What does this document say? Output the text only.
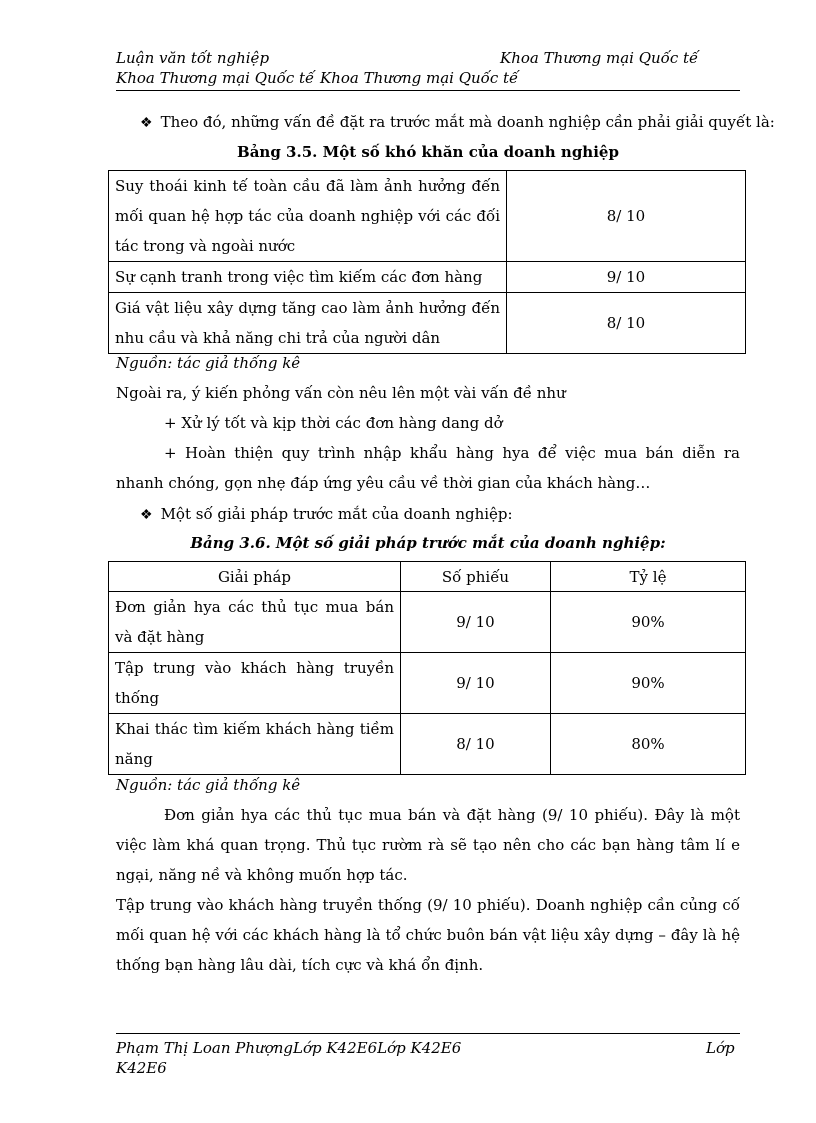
Luận văn tốt nghiệp	Khoa Thương mại Quốc tế
Khoa Thương mại Quốc tế Khoa Thương mại Quốc tế
❖ Theo đó, những vấn đề đặt ra trước mắt mà doanh nghiệp cần phải giải quyết là:
Bảng 3.5. Một số khó khăn của doanh nghiệp
Suy thoái kinh tế toàn cầu đã làm ảnh hưởng đến mối quan hệ hợp tác của doanh nghiệp với các đối tác trong và ngoài nước	8/ 10
Sự cạnh tranh trong việc tìm kiếm các đơn hàng	9/ 10
Giá vật liệu xây dựng tăng cao làm ảnh hưởng đến nhu cầu và khả năng chi trả của người dân	8/ 10
Nguồn: tác giả thống kê
Ngoài ra, ý kiến phỏng vấn còn nêu lên một vài vấn đề như
+ Xử lý tốt và kịp thời các đơn hàng dang dở
+ Hoàn thiện quy trình nhập khẩu hàng hya để việc mua bán diễn ra nhanh chóng, gọn nhẹ đáp ứng yêu cầu về thời gian của khách hàng…
❖ Một số giải pháp trước mắt của doanh nghiệp:
Bảng 3.6. Một số giải pháp trước mắt của doanh nghiệp:
Giải pháp	Số phiếu	Tỷ lệ
Đơn giản hya các thủ tục mua bán và đặt hàng	9/ 10	90%
Tập trung vào khách hàng truyền thống	9/ 10	90%
Khai thác tìm kiếm khách hàng tiềm năng	8/ 10	80%
Nguồn: tác giả thống kê
Đơn giản hya các thủ tục mua bán và đặt hàng (9/ 10 phiếu). Đây là một việc làm khá quan trọng. Thủ tục rườm rà sẽ tạo nên cho các bạn hàng tâm lí e ngại, năng nề và không muốn hợp tác.
Tập trung vào khách hàng truyền thống (9/ 10 phiếu). Doanh nghiệp cần củng cố mối quan hệ với các khách hàng là tổ chức buôn bán vật liệu xây dựng – đây là hệ thống bạn hàng lâu dài, tích cực và khá ổn định.
Phạm Thị Loan PhượngLớp K42E6Lớp K42E6	Lớp
K42E6
